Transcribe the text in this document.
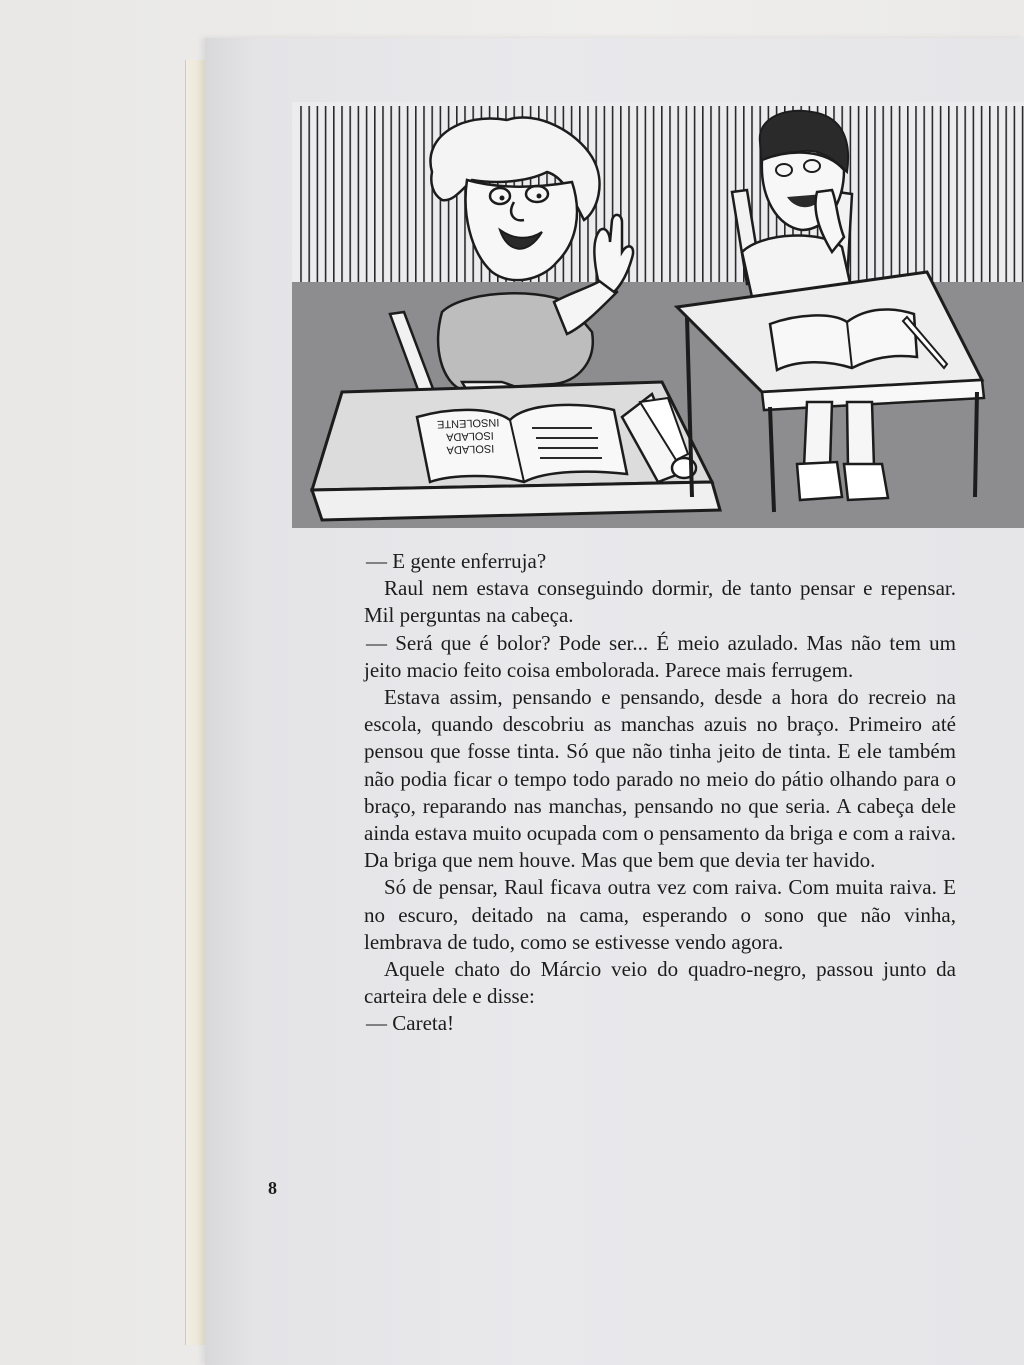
ISOLADA
ISOLADA
INSOLENTE

— E gente enferruja?

Raul nem estava conseguindo dormir, de tanto pensar e repensar. Mil perguntas na cabeça.

— Será que é bolor? Pode ser... É meio azulado. Mas não tem um jeito macio feito coisa embolorada. Parece mais ferrugem.

Estava assim, pensando e pensando, desde a hora do recreio na escola, quando descobriu as manchas azuis no braço. Primeiro até pensou que fosse tinta. Só que não tinha jeito de tinta. E ele também não podia ficar o tempo todo parado no meio do pátio olhando para o braço, reparando nas manchas, pensando no que seria. A cabeça dele ainda estava muito ocupada com o pensamento da briga e com a raiva. Da briga que nem houve. Mas que bem que devia ter havido.

Só de pensar, Raul ficava outra vez com raiva. Com muita raiva. E no escuro, deitado na cama, esperando o sono que não vinha, lembrava de tudo, como se estivesse vendo agora.

Aquele chato do Márcio veio do quadro-negro, passou junto da carteira dele e disse:

— Careta!

8
